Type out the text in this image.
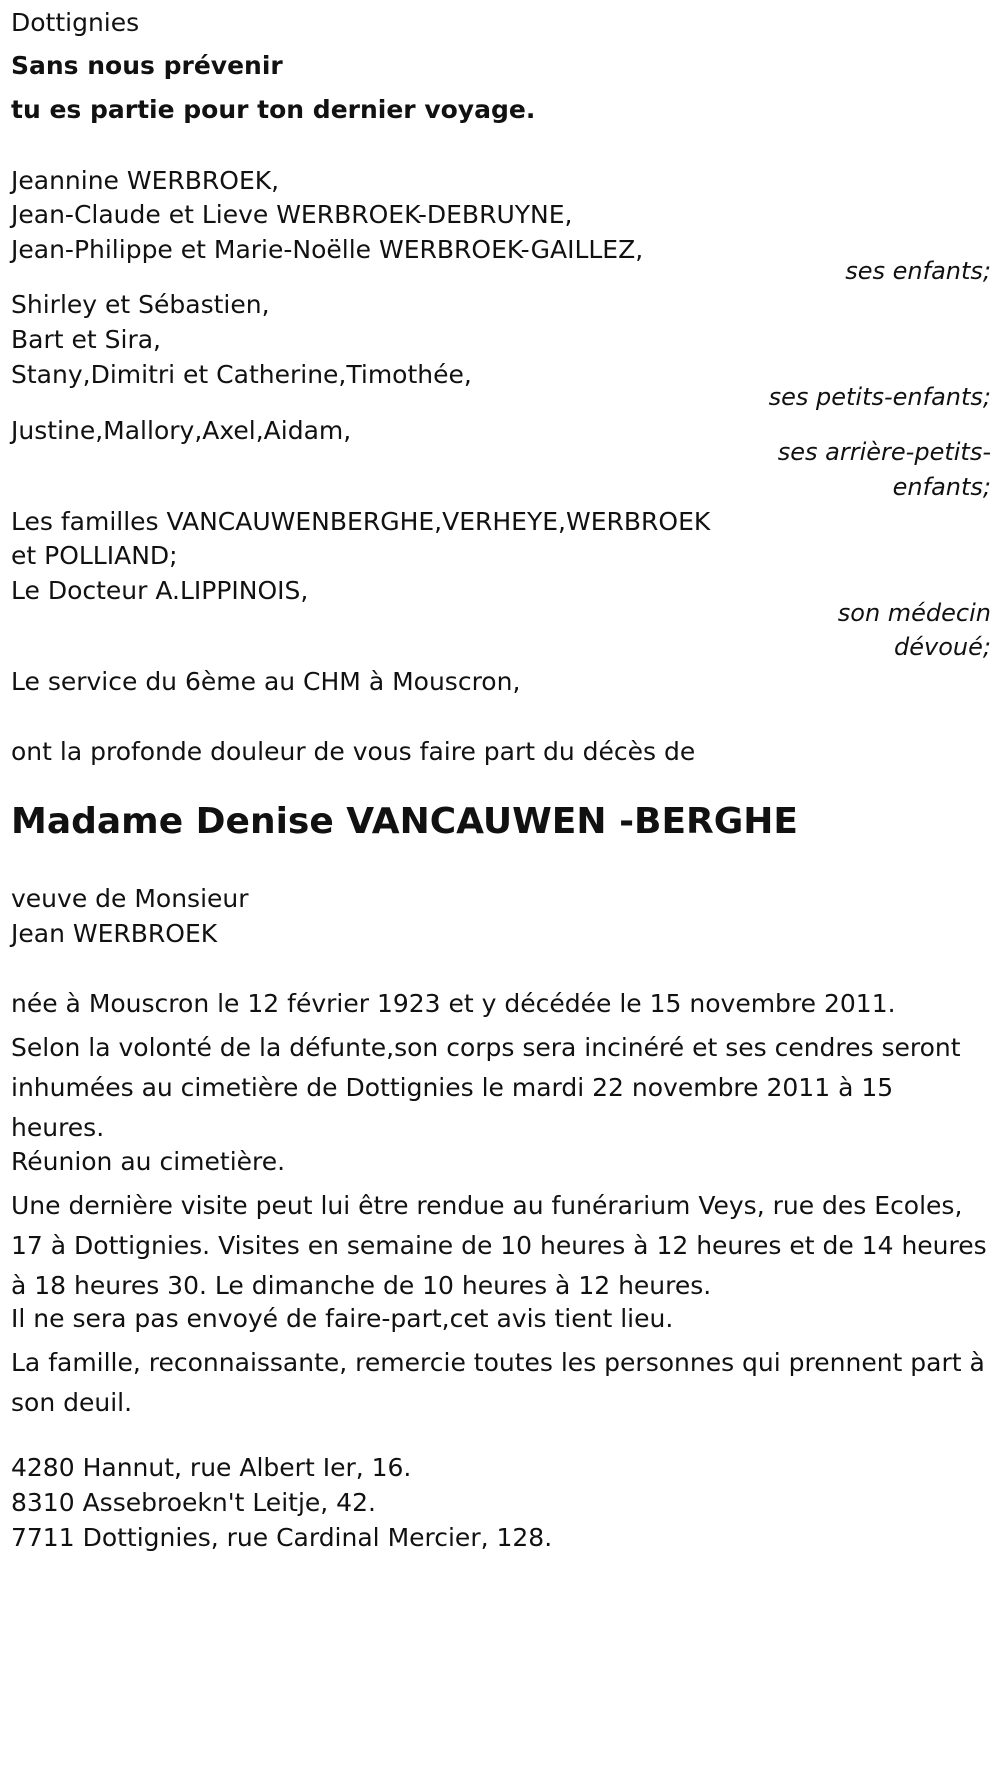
Dottignies
Sans nous prévenir
tu es partie pour ton dernier voyage.
Jeannine WERBROEK,
Jean-Claude et Lieve WERBROEK-DEBRUYNE,
Jean-Philippe et Marie-Noëlle WERBROEK-GAILLEZ,
ses enfants;
Shirley et Sébastien,
Bart et Sira,
Stany,Dimitri et Catherine,Timothée,
ses petits-enfants;
Justine,Mallory,Axel,Aidam,
ses arrière-petits-
enfants;
Les familles VANCAUWENBERGHE,VERHEYE,WERBROEK
et POLLIAND;
Le Docteur A.LIPPINOIS,
son médecin
dévoué;
Le service du 6ème au CHM à Mouscron,
ont la profonde douleur de vous faire part du décès de
Madame Denise VANCAUWEN -BERGHE
veuve de Monsieur
Jean WERBROEK
née à Mouscron le 12 février 1923 et y décédée le 15 novembre 2011.
Selon la volonté de la défunte,son corps sera incinéré et ses cendres seront inhumées au cimetière de Dottignies le mardi 22 novembre 2011 à 15 heures.
Réunion au cimetière.
Une dernière visite peut lui être rendue au funérarium Veys, rue des Ecoles, 17 à Dottignies. Visites en semaine de 10 heures à 12 heures et de 14 heures à 18 heures 30. Le dimanche de 10 heures à 12 heures.
Il ne sera pas envoyé de faire-part,cet avis tient lieu.
La famille, reconnaissante, remercie toutes les personnes qui prennent part à son deuil.
4280 Hannut, rue Albert Ier, 16.
8310 Assebroekn't Leitje, 42.
7711 Dottignies, rue Cardinal Mercier, 128.
